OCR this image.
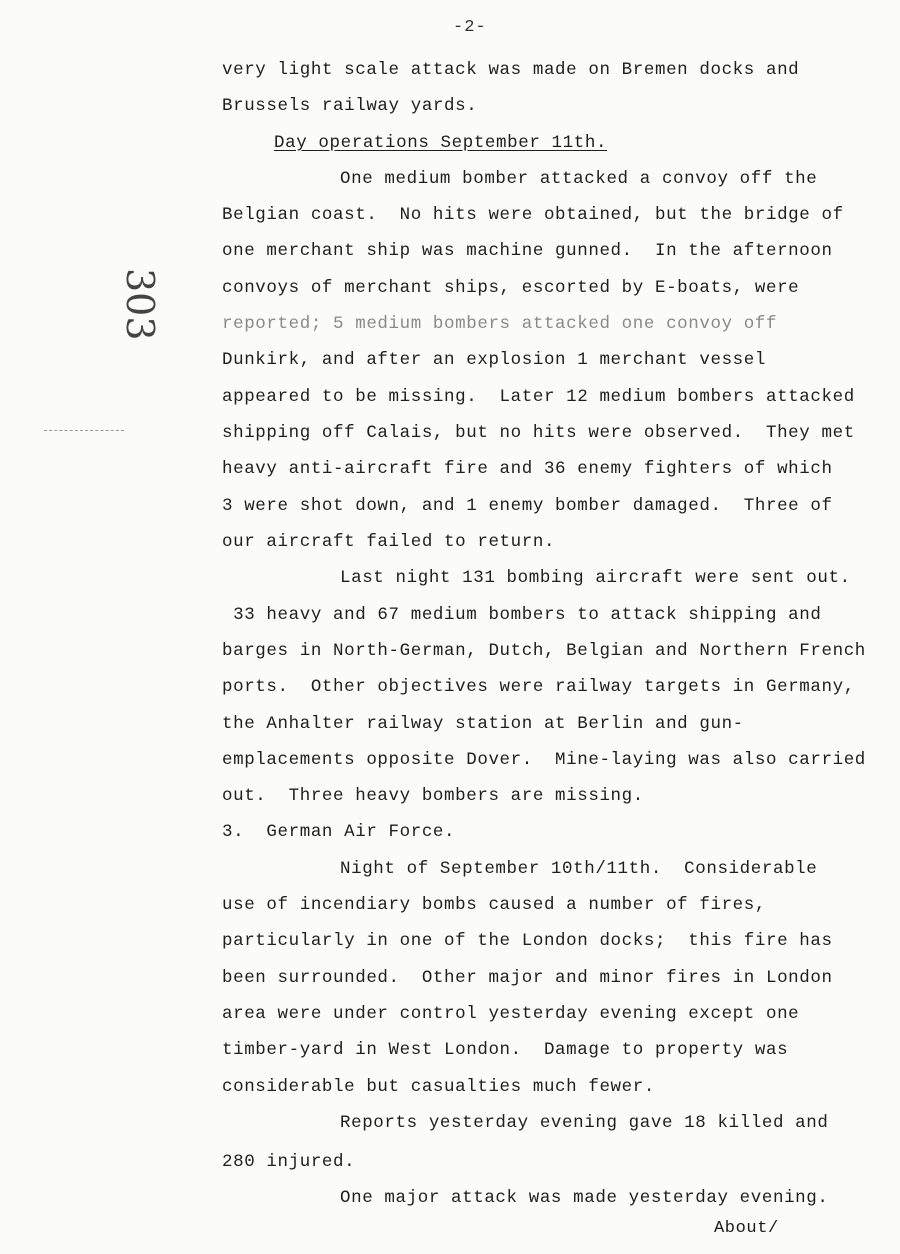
-2-
303

very light scale attack was made on Bremen docks and

Brussels railway yards.

Day operations September 11th.

One medium bomber attacked a convoy off the

Belgian coast.  No hits were obtained, but the bridge of

one merchant ship was machine gunned.  In the afternoon

convoys of merchant ships, escorted by E-boats, were

reported; 5 medium bombers attacked one convoy off

Dunkirk, and after an explosion 1 merchant vessel

appeared to be missing.  Later 12 medium bombers attacked

shipping off Calais, but no hits were observed.  They met

heavy anti-aircraft fire and 36 enemy fighters of which

3 were shot down, and 1 enemy bomber damaged.  Three of

our aircraft failed to return.

Last night 131 bombing aircraft were sent out.

33 heavy and 67 medium bombers to attack shipping and

barges in North-German, Dutch, Belgian and Northern French

ports.  Other objectives were railway targets in Germany,

the Anhalter railway station at Berlin and gun-

emplacements opposite Dover.  Mine-laying was also carried

out.  Three heavy bombers are missing.

3.  German Air Force.

Night of September 10th/11th.  Considerable

use of incendiary bombs caused a number of fires,

particularly in one of the London docks;  this fire has

been surrounded.  Other major and minor fires in London

area were under control yesterday evening except one

timber-yard in West London.  Damage to property was

considerable but casualties much fewer.

Reports yesterday evening gave 18 killed and

280 injured.

One major attack was made yesterday evening.

About/
